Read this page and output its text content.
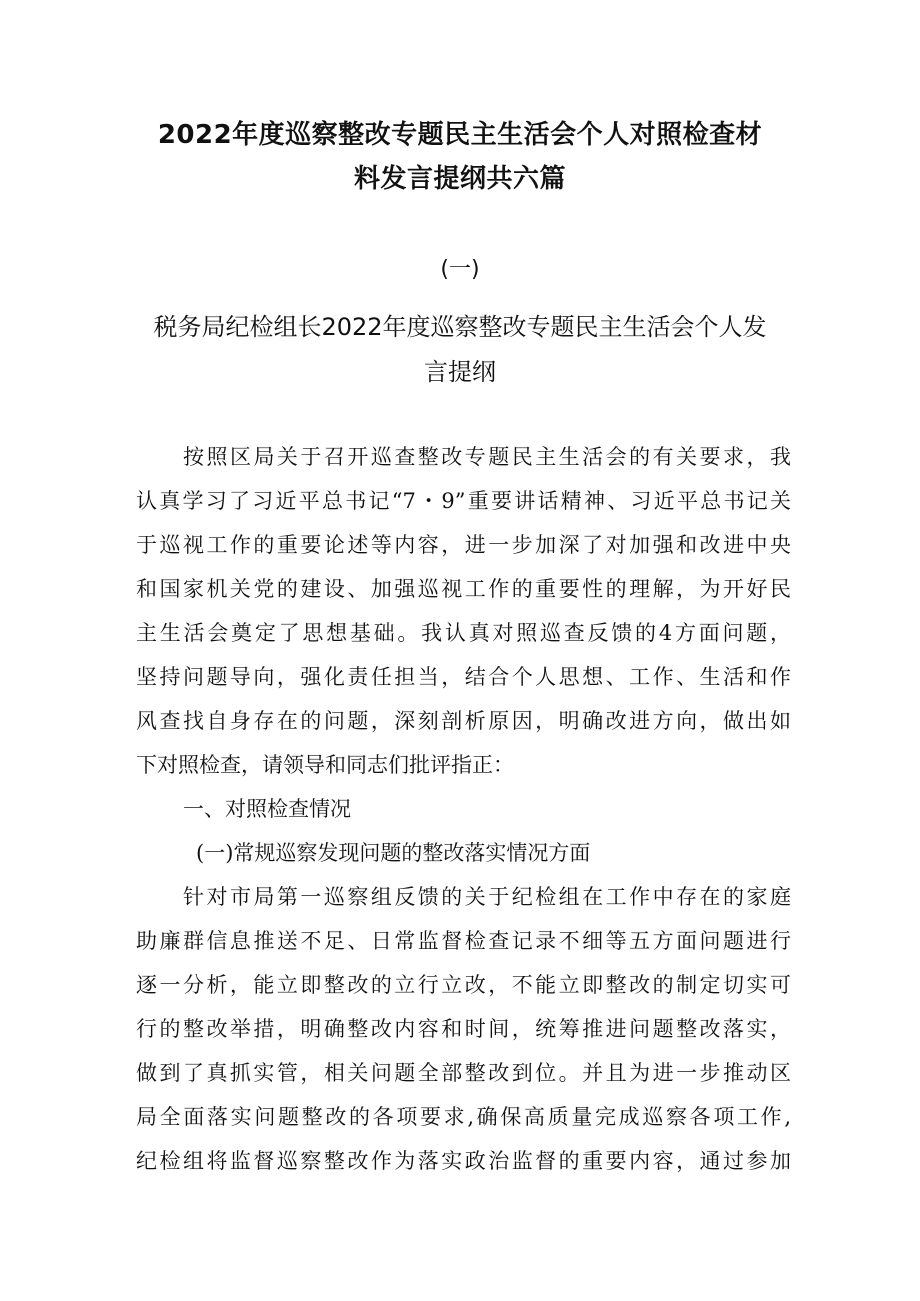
2022年度巡察整改专题民主生活会个人对照检查材
料发言提纲共六篇
(一)
税务局纪检组长2022年度巡察整改专题民主生活会个人发
言提纲
按照区局关于召开巡查整改专题民主生活会的有关要求，我
认真学习了习近平总书记“7・9”重要讲话精神、习近平总书记关
于巡视工作的重要论述等内容，进一步加深了对加强和改进中央
和国家机关党的建设、加强巡视工作的重要性的理解，为开好民
主生活会奠定了思想基础。我认真对照巡查反馈的4方面问题，
坚持问题导向，强化责任担当，结合个人思想、工作、生活和作
风查找自身存在的问题，深刻剖析原因，明确改进方向，做出如
下对照检查，请领导和同志们批评指正：
一、对照检查情况
(一)常规巡察发现问题的整改落实情况方面
针对市局第一巡察组反馈的关于纪检组在工作中存在的家庭
助廉群信息推送不足、日常监督检查记录不细等五方面问题进行
逐一分析，能立即整改的立行立改，不能立即整改的制定切实可
行的整改举措，明确整改内容和时间，统筹推进问题整改落实，
做到了真抓实管，相关问题全部整改到位。并且为进一步推动区
局全面落实问题整改的各项要求,确保高质量完成巡察各项工作,
纪检组将监督巡察整改作为落实政治监督的重要内容，通过参加
